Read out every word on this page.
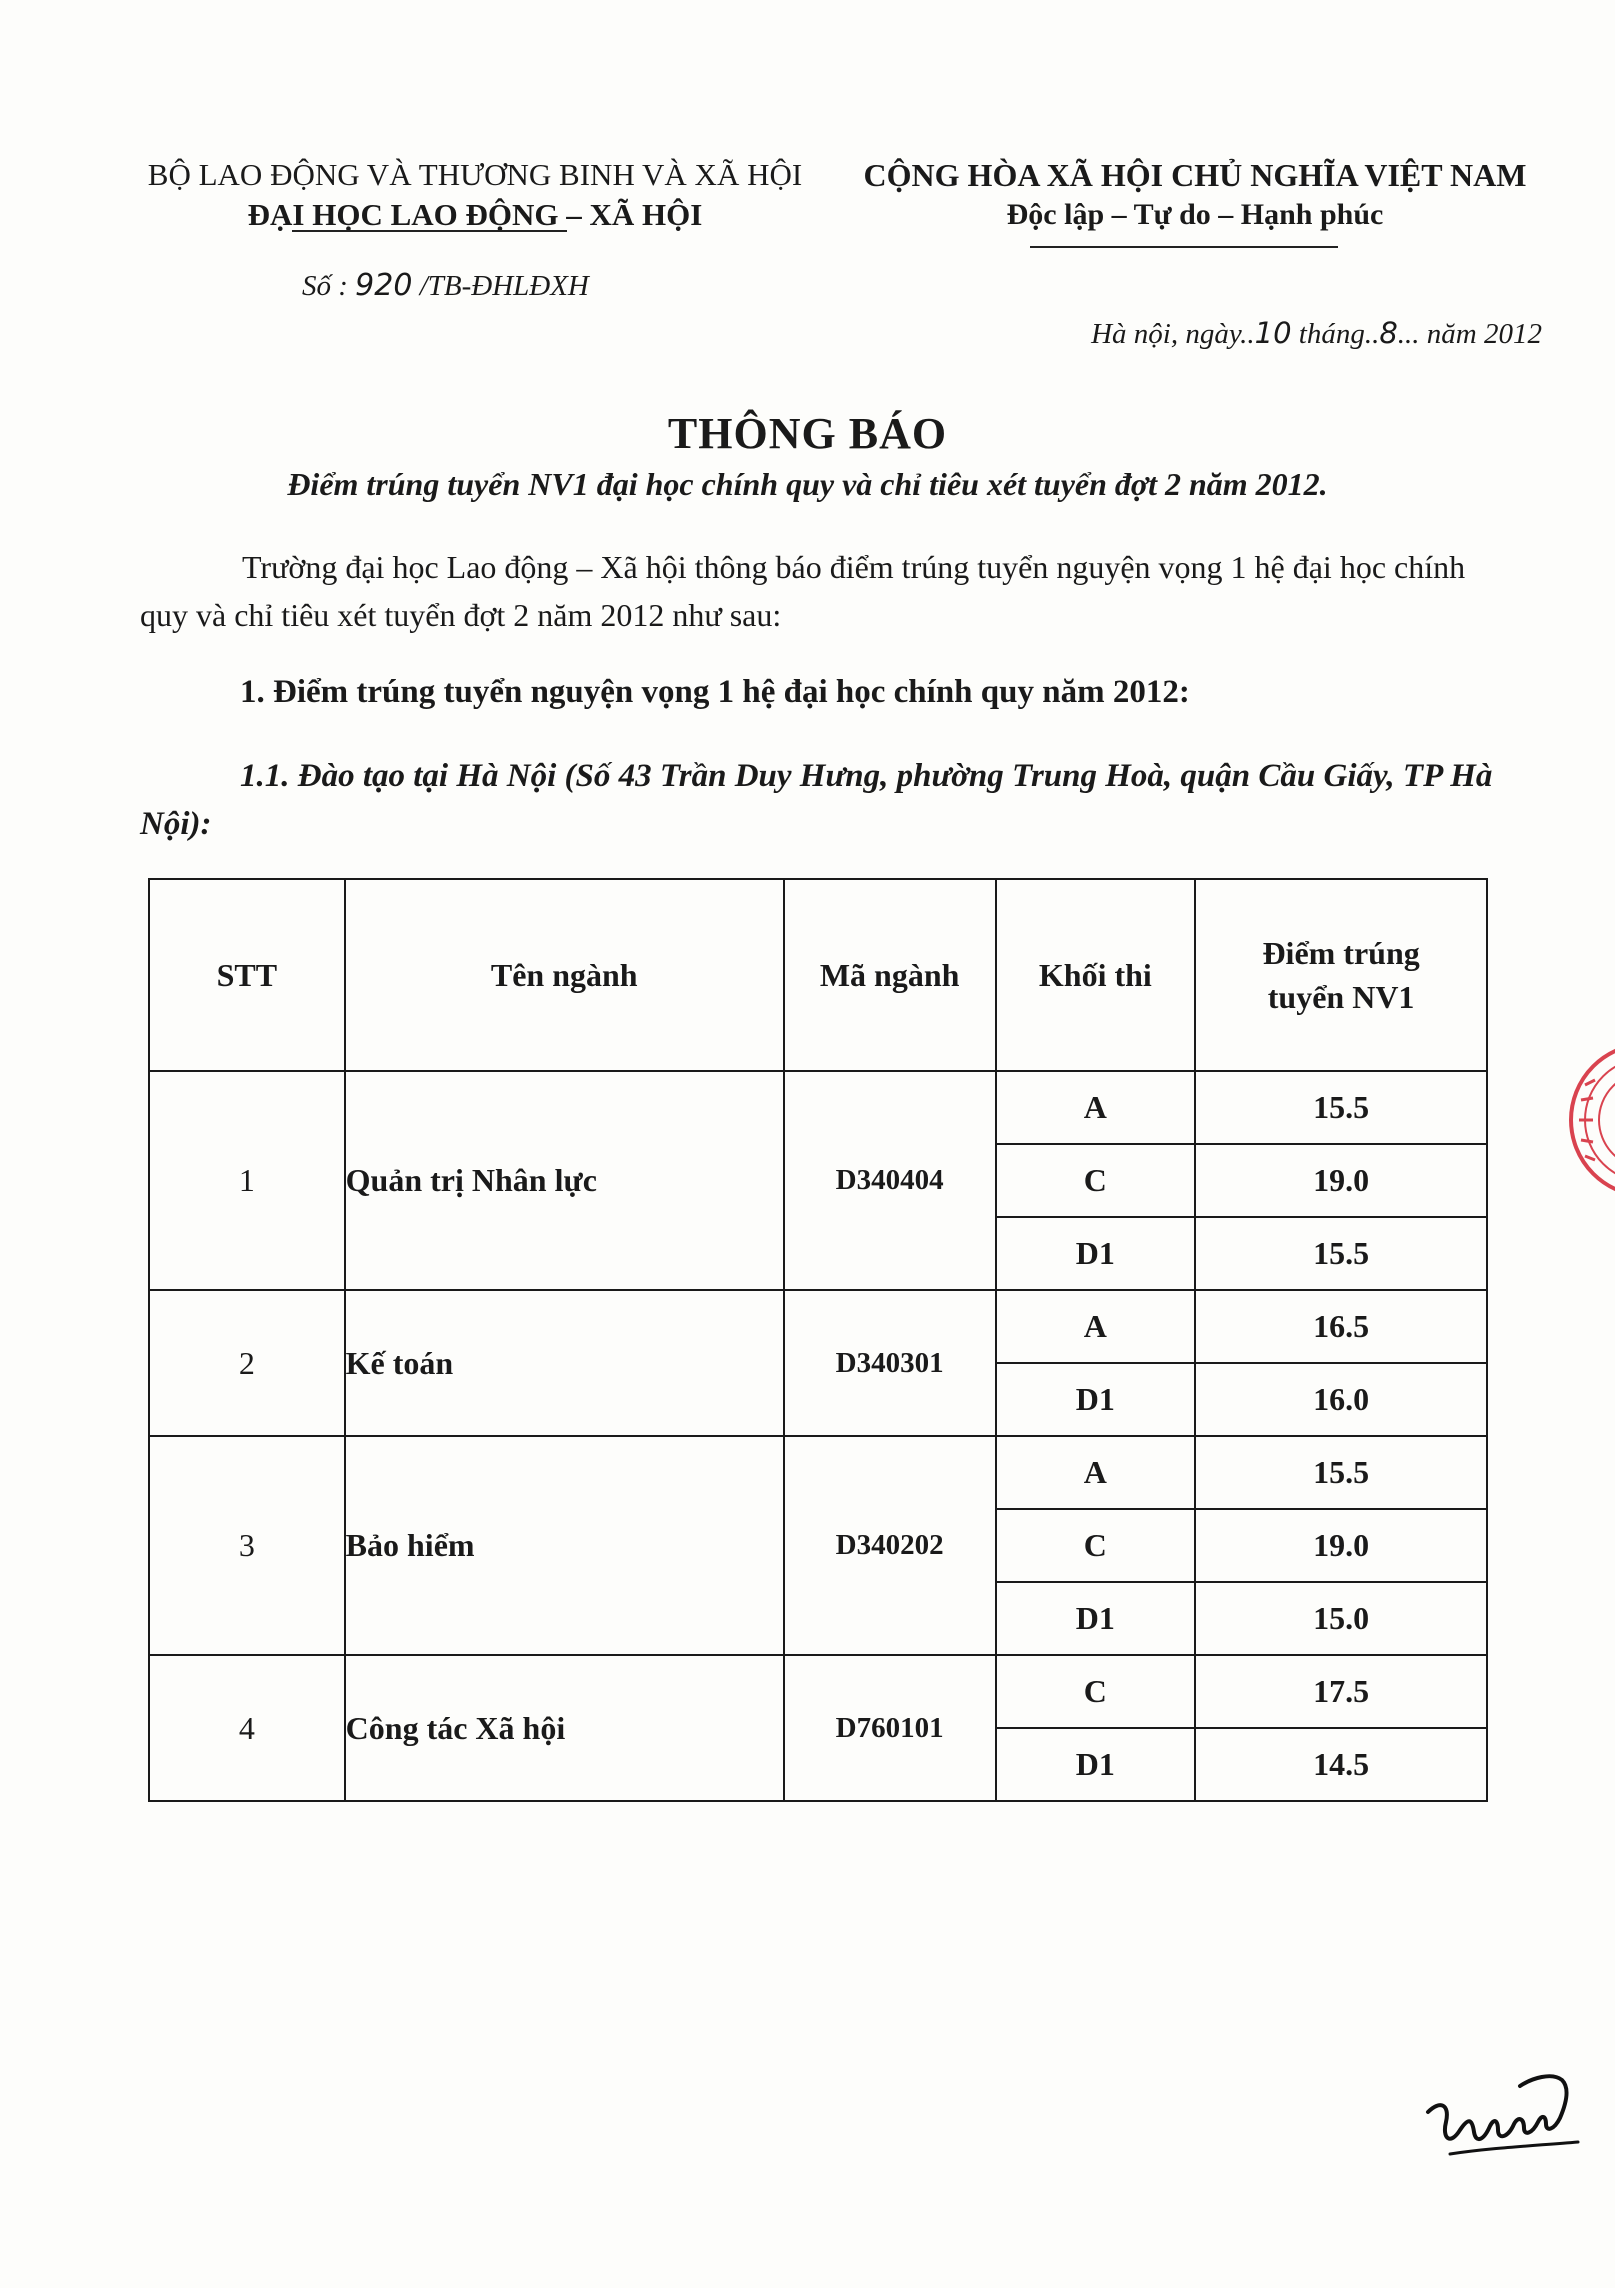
BỘ LAO ĐỘNG VÀ THƯƠNG BINH VÀ XÃ HỘI
ĐẠI HỌC LAO ĐỘNG – XÃ HỘI
CỘNG HÒA XÃ HỘI CHỦ NGHĨA VIỆT NAM
Độc lập – Tự do – Hạnh phúc
Số : 920 /TB-ĐHLĐXH
Hà nội, ngày..10 tháng..8... năm 2012
THÔNG BÁO
Điểm trúng tuyển NV1 đại học chính quy và chỉ tiêu xét tuyển đợt 2 năm 2012.
Trường đại học Lao động – Xã hội thông báo điểm trúng tuyển nguyện vọng 1 hệ đại học chính quy và chỉ tiêu xét tuyển đợt 2 năm 2012 như sau:
1. Điểm trúng tuyển nguyện vọng 1 hệ đại học chính quy năm 2012:
1.1. Đào tạo tại Hà Nội (Số 43 Trần Duy Hưng, phường Trung Hoà, quận Cầu Giấy, TP Hà Nội):
STT	Tên ngành	Mã ngành	Khối thi	Điểm trúng tuyển NV1

1	Quản trị Nhân lực	D340404	A	15.5
			C	19.0
			D1	15.5
2	Kế toán	D340301	A	16.5
			D1	16.0
3	Bảo hiểm	D340202	A	15.5
			C	19.0
			D1	15.0
4	Công tác Xã hội	D760101	C	17.5
			D1	14.5
